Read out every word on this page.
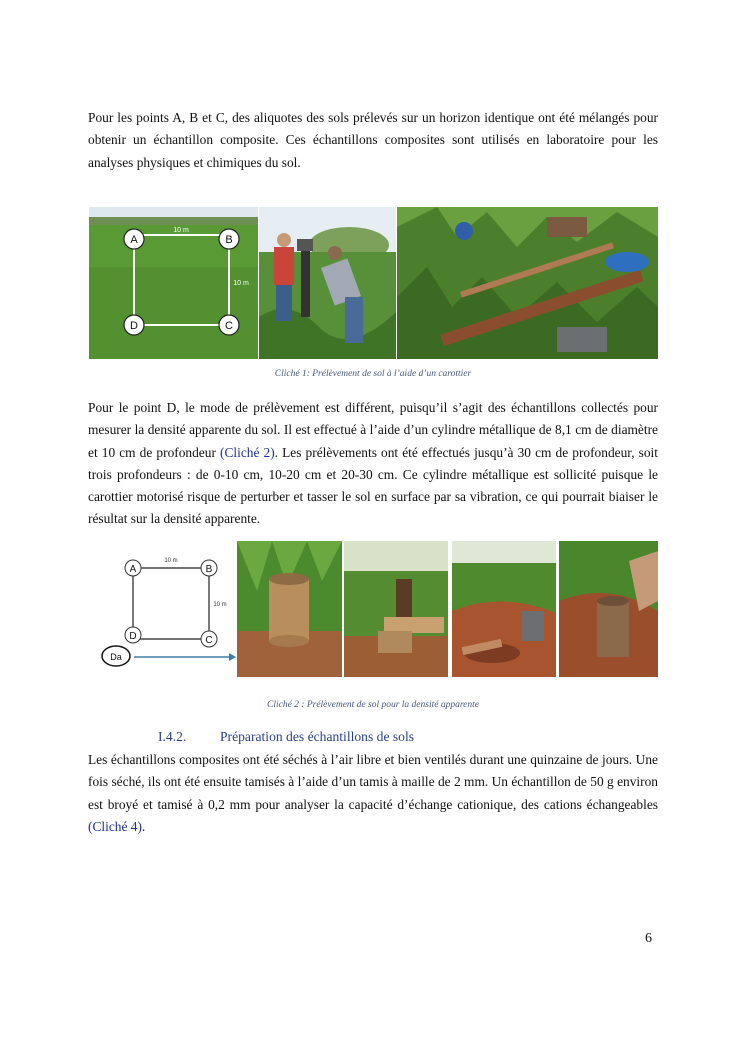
Pour les points A, B et C, des aliquotes des sols prélevés sur un horizon identique ont été mélangés pour obtenir un échantillon composite. Ces échantillons composites sont utilisés en laboratoire pour les analyses physiques et chimiques du sol.

A	B
C
D
10 m
10 m

Cliché 1: Prélèvement de sol à l’aide d’un carottier

Pour le point D, le mode de prélèvement est différent, puisqu’il s’agit des échantillons collectés pour mesurer la densité apparente du sol. Il est effectué à l’aide d’un cylindre métallique de 8,1 cm de diamètre et 10 cm de profondeur (Cliché 2). Les prélèvements ont été effectués jusqu’à 30 cm de profondeur, soit trois profondeurs : de 0-10 cm, 10-20 cm et 20-30 cm. Ce cylindre métallique est sollicité puisque le carottier motorisé risque de perturber et tasser le sol en surface par sa vibration, ce qui pourrait biaiser le résultat sur la densité apparente.

A	B
C
D
10 m
10 m
Da

Cliché 2 : Prélèvement de sol pour la densité apparente

I.4.2. Préparation des échantillons de sols

Les échantillons composites ont été séchés à l’air libre et bien ventilés durant une quinzaine de jours. Une fois séché, ils ont été ensuite tamisés à l’aide d’un tamis à maille de 2 mm. Un échantillon de 50 g environ est broyé et tamisé à 0,2 mm pour analyser la capacité d’échange cationique, des cations échangeables (Cliché 4).

6
